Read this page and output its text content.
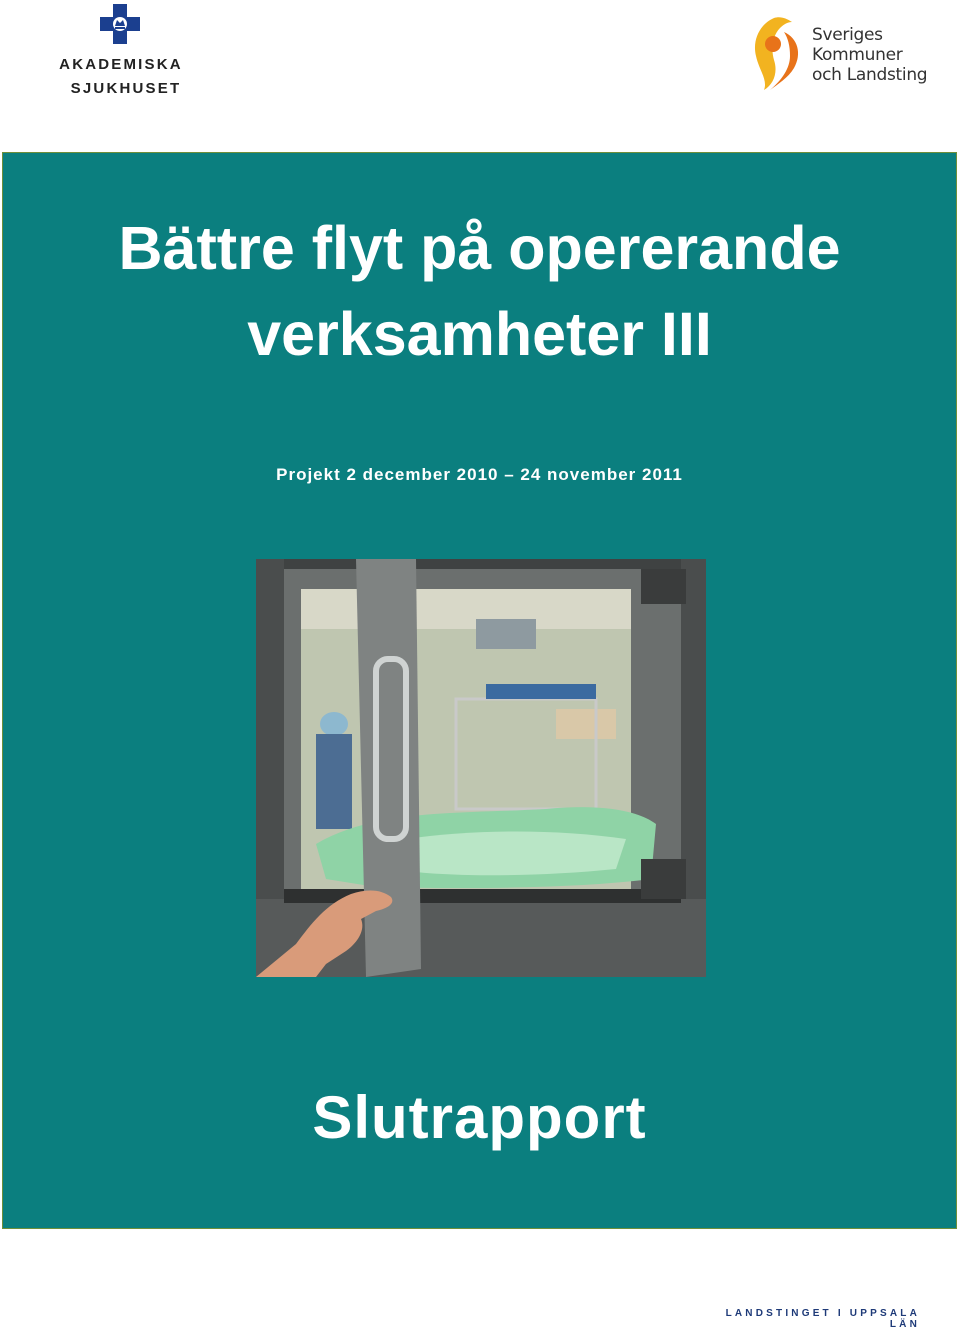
AKADEMISKA
SJUKHUSET
Sveriges
Kommuner
och Landsting
Bättre flyt på opererande
verksamheter III
Projekt 2 december 2010 – 24 november 2011
Slutrapport
LANDSTINGET I UPPSALA LÄN
